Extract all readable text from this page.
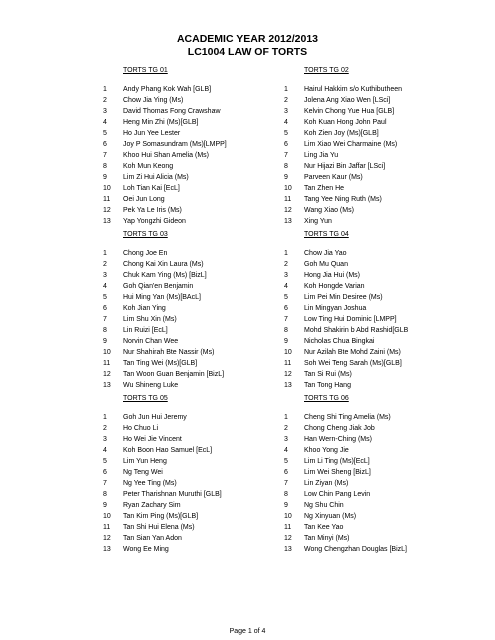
ACADEMIC YEAR 2012/2013
LC1004 LAW OF TORTS
TORTS TG 01
1	Andy Phang Kok Wah [GLB]
2	Chow Jia Ying (Ms)
3	David Thomas Fong Crawshaw
4	Heng Min Zhi (Ms)[GLB]
5	Ho Jun Yee Lester
6	Joy P Somasundram (Ms)[LMPP]
7	Khoo Hui Shan Amelia (Ms)
8	Koh Mun Keong
9	Lim Zi Hui Alicia (Ms)
10	Loh Tian Kai [EcL]
11	Oei Jun Long
12	Pek Ya Le Iris (Ms)
13	Yap Yongzhi Gideon
TORTS TG 02
1	Hairul Hakkim s/o Kuthibutheen
2	Jolena Ang Xiao Wen [LSci]
3	Kelvin Chong Yue Hua [GLB]
4	Koh Kuan Hong John Paul
5	Koh Zien Joy (Ms)[GLB]
6	Lim Xiao Wei Charmaine (Ms)
7	Ling Jia Yu
8	Nur Hijazi Bin Jaffar [LSci]
9	Parveen Kaur (Ms)
10	Tan Zhen He
11	Tang Yee Ning Ruth (Ms)
12	Wang Xiao (Ms)
13	Xing Yun
TORTS TG 03
1	Chong Joe En
2	Chong Kai Xin Laura (Ms)
3	Chuk Kam Ying (Ms) [BizL]
4	Goh Qian'en Benjamin
5	Hui Ming Yan (Ms)[BAcL]
6	Koh Jian Ying
7	Lim Shu Xin (Ms)
8	Lin Ruizi [EcL]
9	Norvin Chan Wee
10	Nur Shahirah Bte Nassir (Ms)
11	Tan Ting Wei (Ms)[GLB]
12	Tan Woon Guan Benjamin [BizL]
13	Wu Shineng Luke
TORTS TG 04
1	Chow Jia Yao
2	Goh Mu Quan
3	Hong Jia Hui (Ms)
4	Koh Hongde Varian
5	Lim Pei Min Desiree (Ms)
6	Lin Mingyan Joshua
7	Low Ting Hui Dominic [LMPP]
8	Mohd Shakirin b Abd Rashid[GLB
9	Nicholas Chua Bingkai
10	Nur Azilah Bte Mohd Zaini (Ms)
11	Soh Wei Teng Sarah (Ms)[GLB]
12	Tan Si Rui (Ms)
13	Tan Tong Hang
TORTS TG 05
1	Goh Jun Hui Jeremy
2	Ho Chuo Li
3	Ho Wei Jie Vincent
4	Koh Boon Hao Samuel [EcL]
5	Lim Yun Heng
6	Ng Teng Wei
7	Ng Yee Ting (Ms)
8	Peter Tharishnan Muruthi [GLB]
9	Ryan Zachary Sim
10	Tan Kim Ping (Ms)[GLB]
11	Tan Shi Hui Elena (Ms)
12	Tan Sian Yan Adon
13	Wong Ee Ming
TORTS TG 06
1	Cheng Shi Ting Amelia (Ms)
2	Chong Cheng Jiak Job
3	Han Wern-Ching (Ms)
4	Khoo Yong Jie
5	Lim Li Ting (Ms)[EcL]
6	Lim Wei Sheng [BizL]
7	Lin Ziyan (Ms)
8	Low Chin Pang Levin
9	Ng Shu Chin
10	Ng Xinyuan (Ms)
11	Tan Kee Yao
12	Tan Minyi (Ms)
13	Wong Chengzhan Douglas [BizL]
Page 1 of 4
